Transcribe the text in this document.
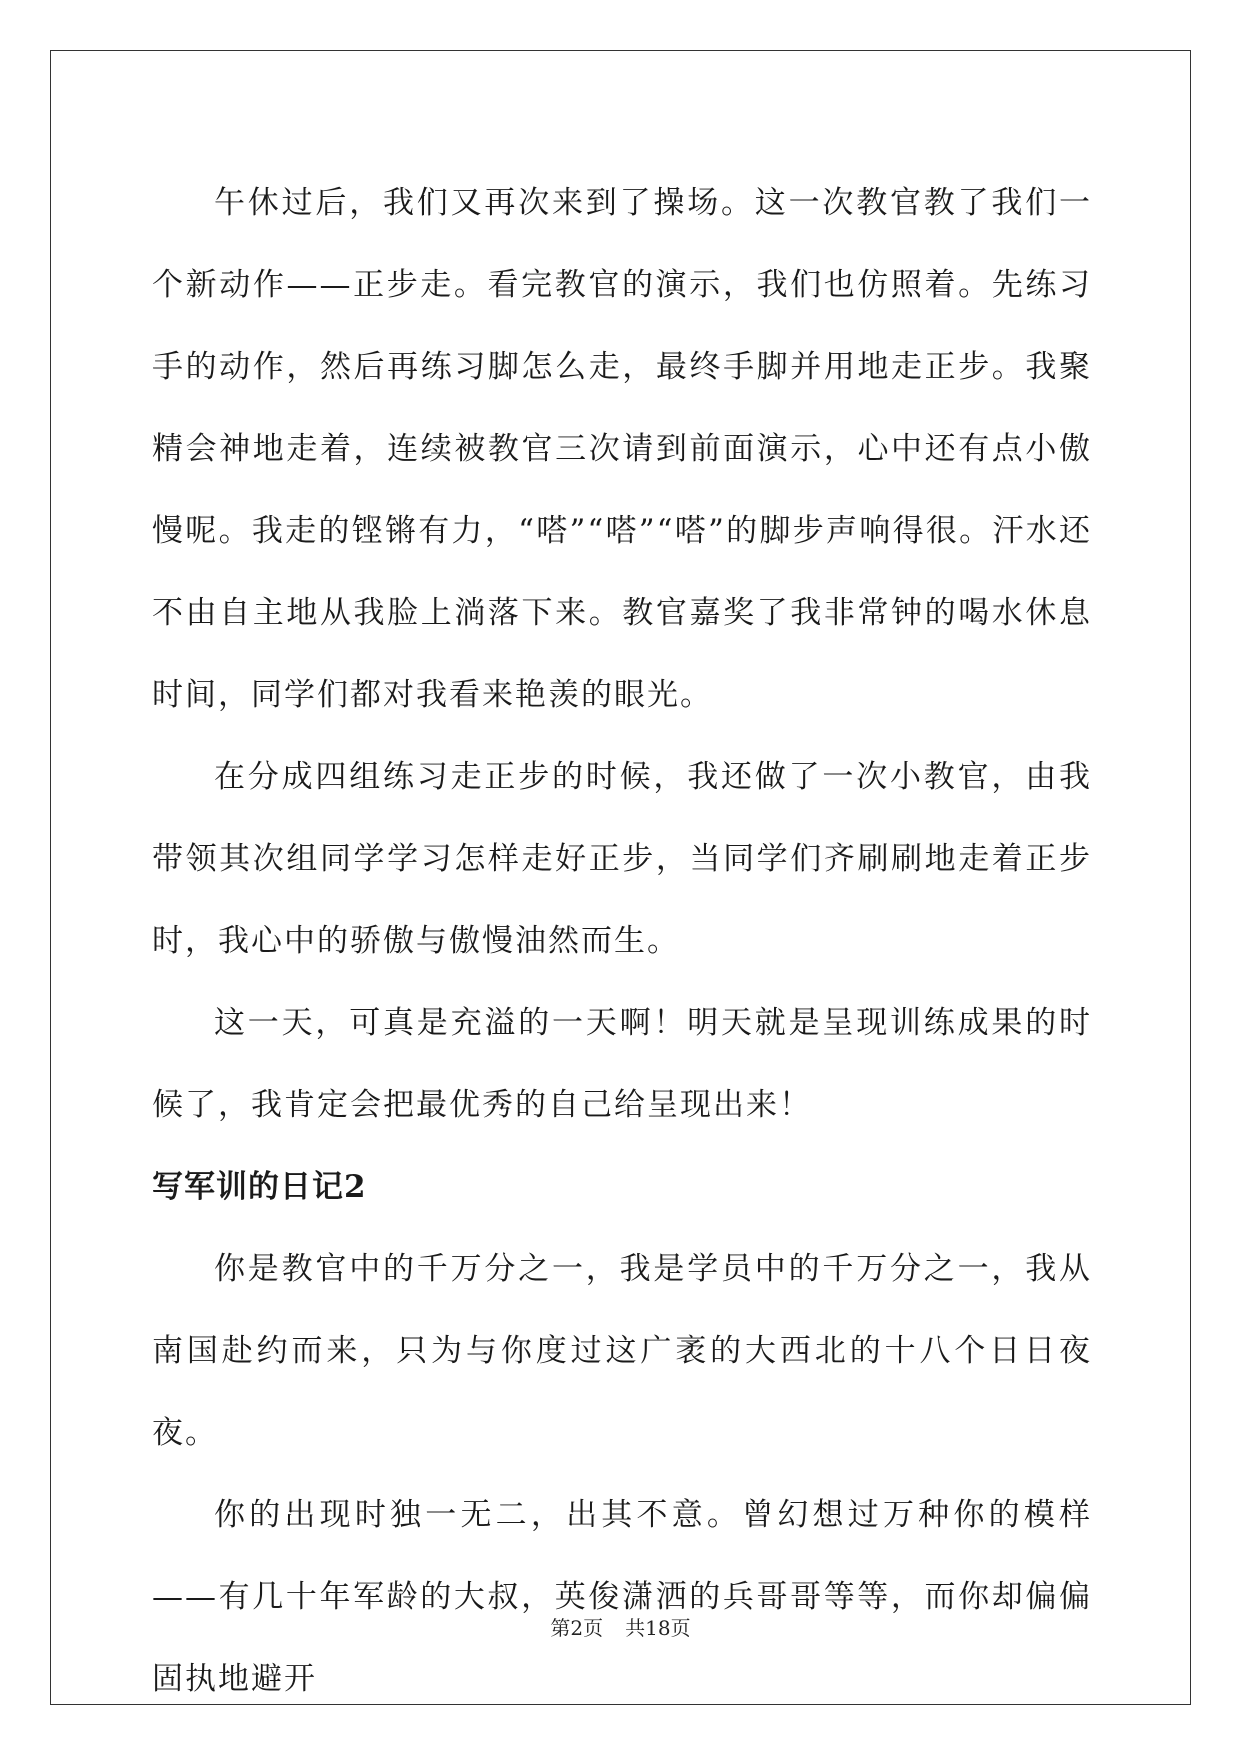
午休过后，我们又再次来到了操场。这一次教官教了我们一个新动作——正步走。看完教官的演示，我们也仿照着。先练习手的动作，然后再练习脚怎么走，最终手脚并用地走正步。我聚精会神地走着，连续被教官三次请到前面演示，心中还有点小傲慢呢。我走的铿锵有力，“嗒”“嗒”“嗒”的脚步声响得很。汗水还不由自主地从我脸上淌落下来。教官嘉奖了我非常钟的喝水休息时间，同学们都对我看来艳羡的眼光。

在分成四组练习走正步的时候，我还做了一次小教官，由我带领其次组同学学习怎样走好正步，当同学们齐刷刷地走着正步时，我心中的骄傲与傲慢油然而生。

这一天，可真是充溢的一天啊！明天就是呈现训练成果的时候了，我肯定会把最优秀的自己给呈现出来！

写军训的日记2

你是教官中的千万分之一，我是学员中的千万分之一，我从南国赴约而来，只为与你度过这广袤的大西北的十八个日日夜夜。

你的出现时独一无二，出其不意。曾幻想过万种你的模样——有几十年军龄的大叔，英俊潇洒的兵哥哥等等，而你却偏偏固执地避开

第2页 共18页
